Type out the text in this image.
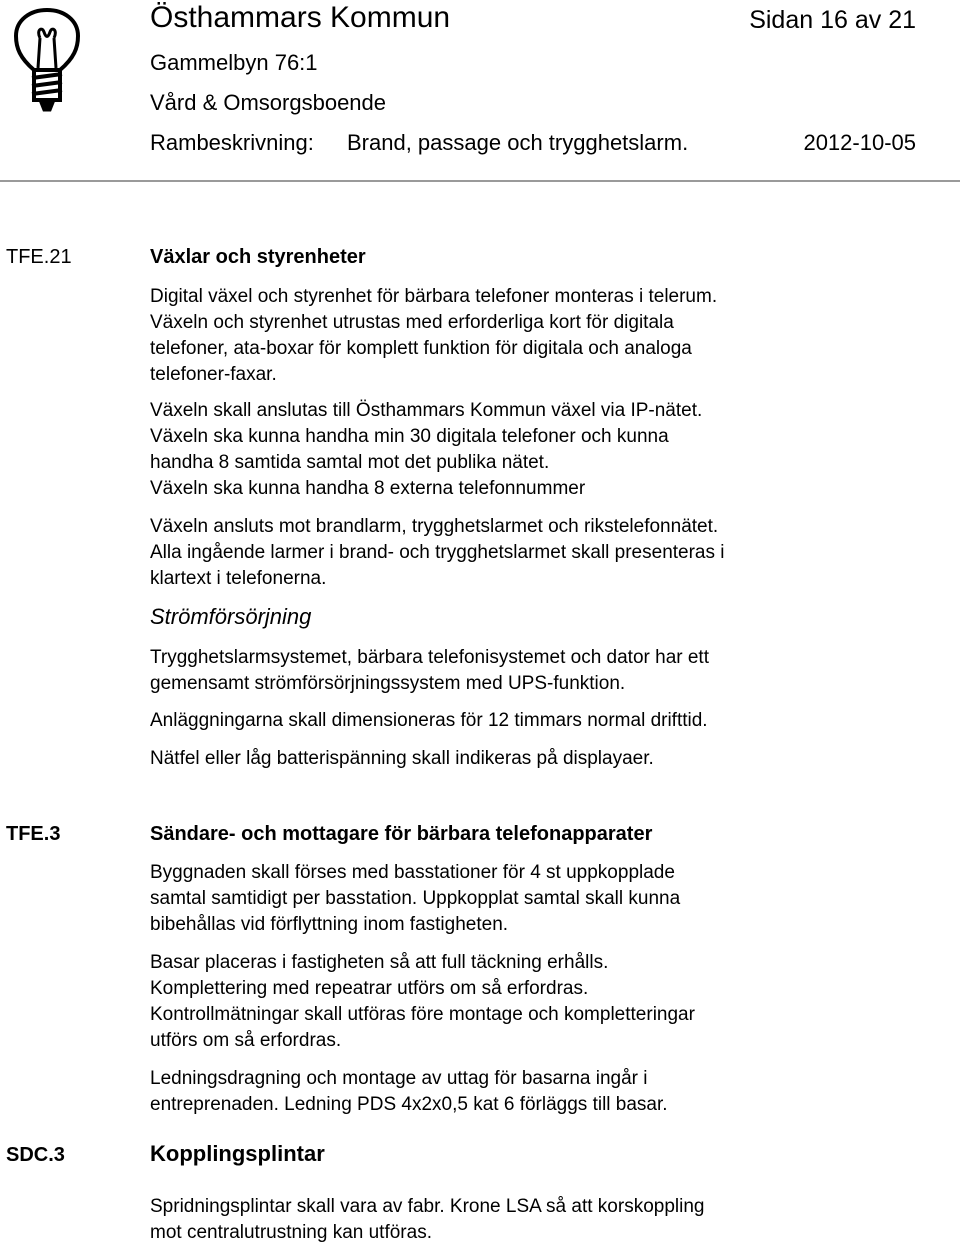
Östhammars Kommun	Sidan 16 av 21
Gammelbyn 76:1
Vård & Omsorgsboende
Rambeskrivning: Brand, passage och trygghetslarm.	2012-10-05
TFE.21	Växlar och styrenheter
Digital växel och styrenhet för bärbara telefoner monteras i telerum.
Växeln och styrenhet utrustas med erforderliga kort för digitala
telefoner, ata-boxar för komplett funktion för digitala och analoga
telefoner-faxar.
Växeln skall anslutas till Östhammars Kommun växel via IP-nätet.
Växeln ska kunna handha min 30 digitala telefoner och kunna
handha 8 samtida samtal mot det publika nätet.
Växeln ska kunna handha 8 externa telefonnummer
Växeln ansluts mot brandlarm, trygghetslarmet och rikstelefonnätet.
Alla ingående larmer i brand- och trygghetslarmet skall presenteras i
klartext i telefonerna.
Strömförsörjning
Trygghetslarmsystemet, bärbara telefonisystemet och dator har ett
gemensamt strömförsörjningssystem med UPS-funktion.
Anläggningarna skall dimensioneras för 12 timmars normal drifttid.
Nätfel eller låg batterispänning skall indikeras på displayaer.
TFE.3	Sändare- och mottagare för bärbara telefonapparater
Byggnaden skall förses med basstationer för 4 st uppkopplade
samtal samtidigt per basstation. Uppkopplat samtal skall kunna
bibehållas vid förflyttning inom fastigheten.
Basar placeras i fastigheten så att full täckning erhålls.
Komplettering med repeatrar utförs om så erfordras.
Kontrollmätningar skall utföras före montage och kompletteringar
utförs om så erfordras.
Ledningsdragning och montage av uttag för basarna ingår i
entreprenaden. Ledning PDS 4x2x0,5 kat 6 förläggs till basar.
SDC.3	Kopplingsplintar
Spridningsplintar skall vara av fabr. Krone LSA så att korskoppling
mot centralutrustning kan utföras.
